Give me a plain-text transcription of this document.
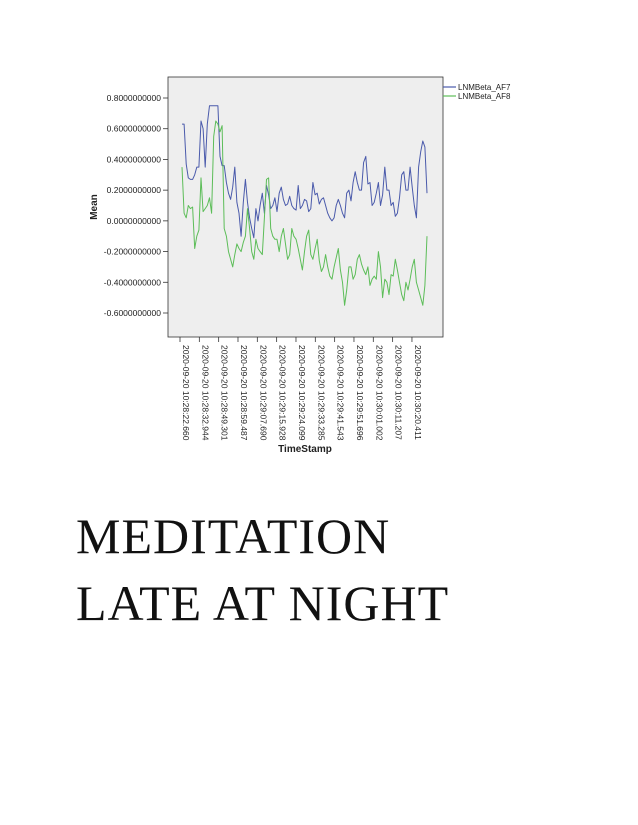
0.8000000000
0.6000000000
0.4000000000
0.2000000000
0.0000000000
-0.2000000000
-0.4000000000
-0.6000000000
2020-09-20 10:28:22.660 2020-09-20 10:28:32.944 2020-09-20 10:28:49.301 2020-09-20 10:28:59.487 2020-09-20 10:29:07.690 2020-09-20 10:29:15.928 2020-09-20 10:29:24.099 2020-09-20 10:29:33.285 2020-09-20 10:29:41.543 2020-09-20 10:29:51.696 2020-09-20 10:30:01.002 2020-09-20 10:30:11.207 2020-09-20 10:30:20.411
Mean
TimeStamp
LNMBeta_AF7
LNMBeta_AF8
MEDITATION
LATE AT NIGHT
